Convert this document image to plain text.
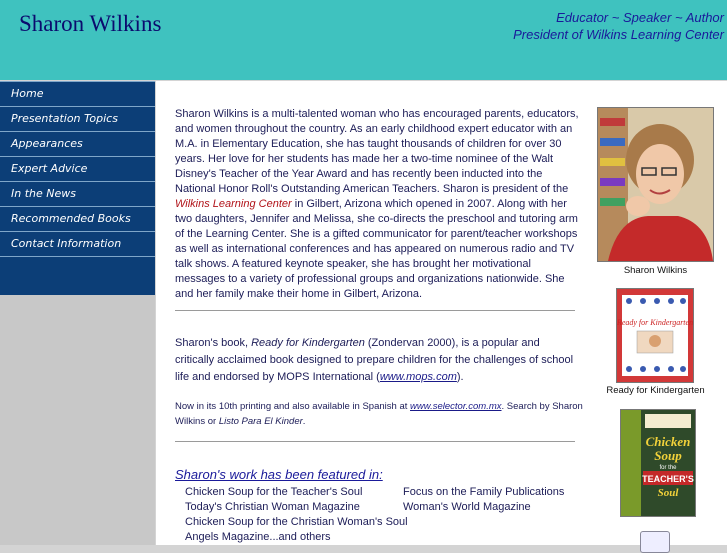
Sharon Wilkins	Educator ~ Speaker ~ Author
President of Wilkins Learning Center
Home
Presentation Topics
Appearances
Expert Advice
In the News
Recommended Books
Contact Information

Sharon Wilkins is a multi-talented woman who has encouraged parents, educators, and women throughout the country. As an early childhood expert educator with an M.A. in Elementary Education, she has taught thousands of children for over 30 years. Her love for her students has made her a two-time nominee of the Walt Disney's Teacher of the Year Award and has recently been inducted into the National Honor Roll's Outstanding American Teachers. Sharon is president of the Wilkins Learning Center in Gilbert, Arizona which opened in 2007. Along with her two daughters, Jennifer and Melissa, she co-directs the preschool and tutoring arm of the Learning Center. She is a gifted communicator for parent/teacher workshops as well as international conferences and has appeared on numerous radio and TV talk shows. A featured keynote speaker, she has brought her motivational messages to a variety of professional groups and organizations nationwide. She and her family make their home in Gilbert, Arizona.

Sharon's book, Ready for Kindergarten (Zondervan 2000), is a popular and critically acclaimed book designed to prepare children for the challenges of school life and endorsed by MOPS International (www.mops.com).

Now in its 10th printing and also available in Spanish at www.selector.com.mx. Search by Sharon Wilkins or Listo Para El Kinder.

Sharon's work has been featured in:
Chicken Soup for the Teacher's Soul
Today's Christian Woman Magazine
Chicken Soup for the Christian Woman's Soul
Angels Magazine...and others
Focus on the Family Publications
Woman's World Magazine
Sharon Wilkins
Ready for Kindergarten
Ready for Kindergarten
Chicken
Soup
for the
TEACHER'S
Soul
